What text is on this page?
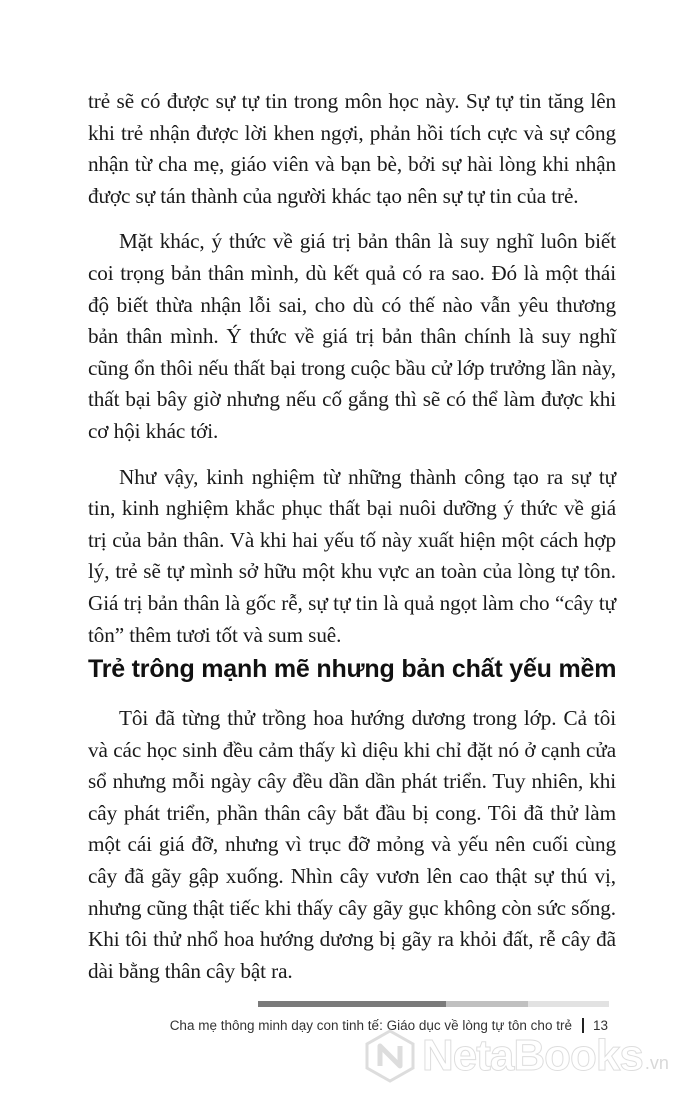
trẻ sẽ có được sự tự tin trong môn học này. Sự tự tin tăng lên khi trẻ nhận được lời khen ngợi, phản hồi tích cực và sự công nhận từ cha mẹ, giáo viên và bạn bè, bởi sự hài lòng khi nhận được sự tán thành của người khác tạo nên sự tự tin của trẻ.

Mặt khác, ý thức về giá trị bản thân là suy nghĩ luôn biết coi trọng bản thân mình, dù kết quả có ra sao. Đó là một thái độ biết thừa nhận lỗi sai, cho dù có thế nào vẫn yêu thương bản thân mình. Ý thức về giá trị bản thân chính là suy nghĩ cũng ổn thôi nếu thất bại trong cuộc bầu cử lớp trưởng lần này, thất bại bây giờ nhưng nếu cố gắng thì sẽ có thể làm được khi cơ hội khác tới.

Như vậy, kinh nghiệm từ những thành công tạo ra sự tự tin, kinh nghiệm khắc phục thất bại nuôi dưỡng ý thức về giá trị của bản thân. Và khi hai yếu tố này xuất hiện một cách hợp lý, trẻ sẽ tự mình sở hữu một khu vực an toàn của lòng tự tôn. Giá trị bản thân là gốc rễ, sự tự tin là quả ngọt làm cho “cây tự tôn” thêm tươi tốt và sum suê.

Trẻ trông mạnh mẽ nhưng bản chất yếu mềm

Tôi đã từng thử trồng hoa hướng dương trong lớp. Cả tôi và các học sinh đều cảm thấy kì diệu khi chỉ đặt nó ở cạnh cửa sổ nhưng mỗi ngày cây đều dần dần phát triển. Tuy nhiên, khi cây phát triển, phần thân cây bắt đầu bị cong. Tôi đã thử làm một cái giá đỡ, nhưng vì trục đỡ mỏng và yếu nên cuối cùng cây đã gãy gập xuống. Nhìn cây vươn lên cao thật sự thú vị, nhưng cũng thật tiếc khi thấy cây gãy gục không còn sức sống. Khi tôi thử nhổ hoa hướng dương bị gãy ra khỏi đất, rễ cây đã dài bằng thân cây bật ra.

Cha mẹ thông minh dạy con tinh tế: Giáo dục về lòng tự tôn cho trẻ 13
NetaBooks .vn
